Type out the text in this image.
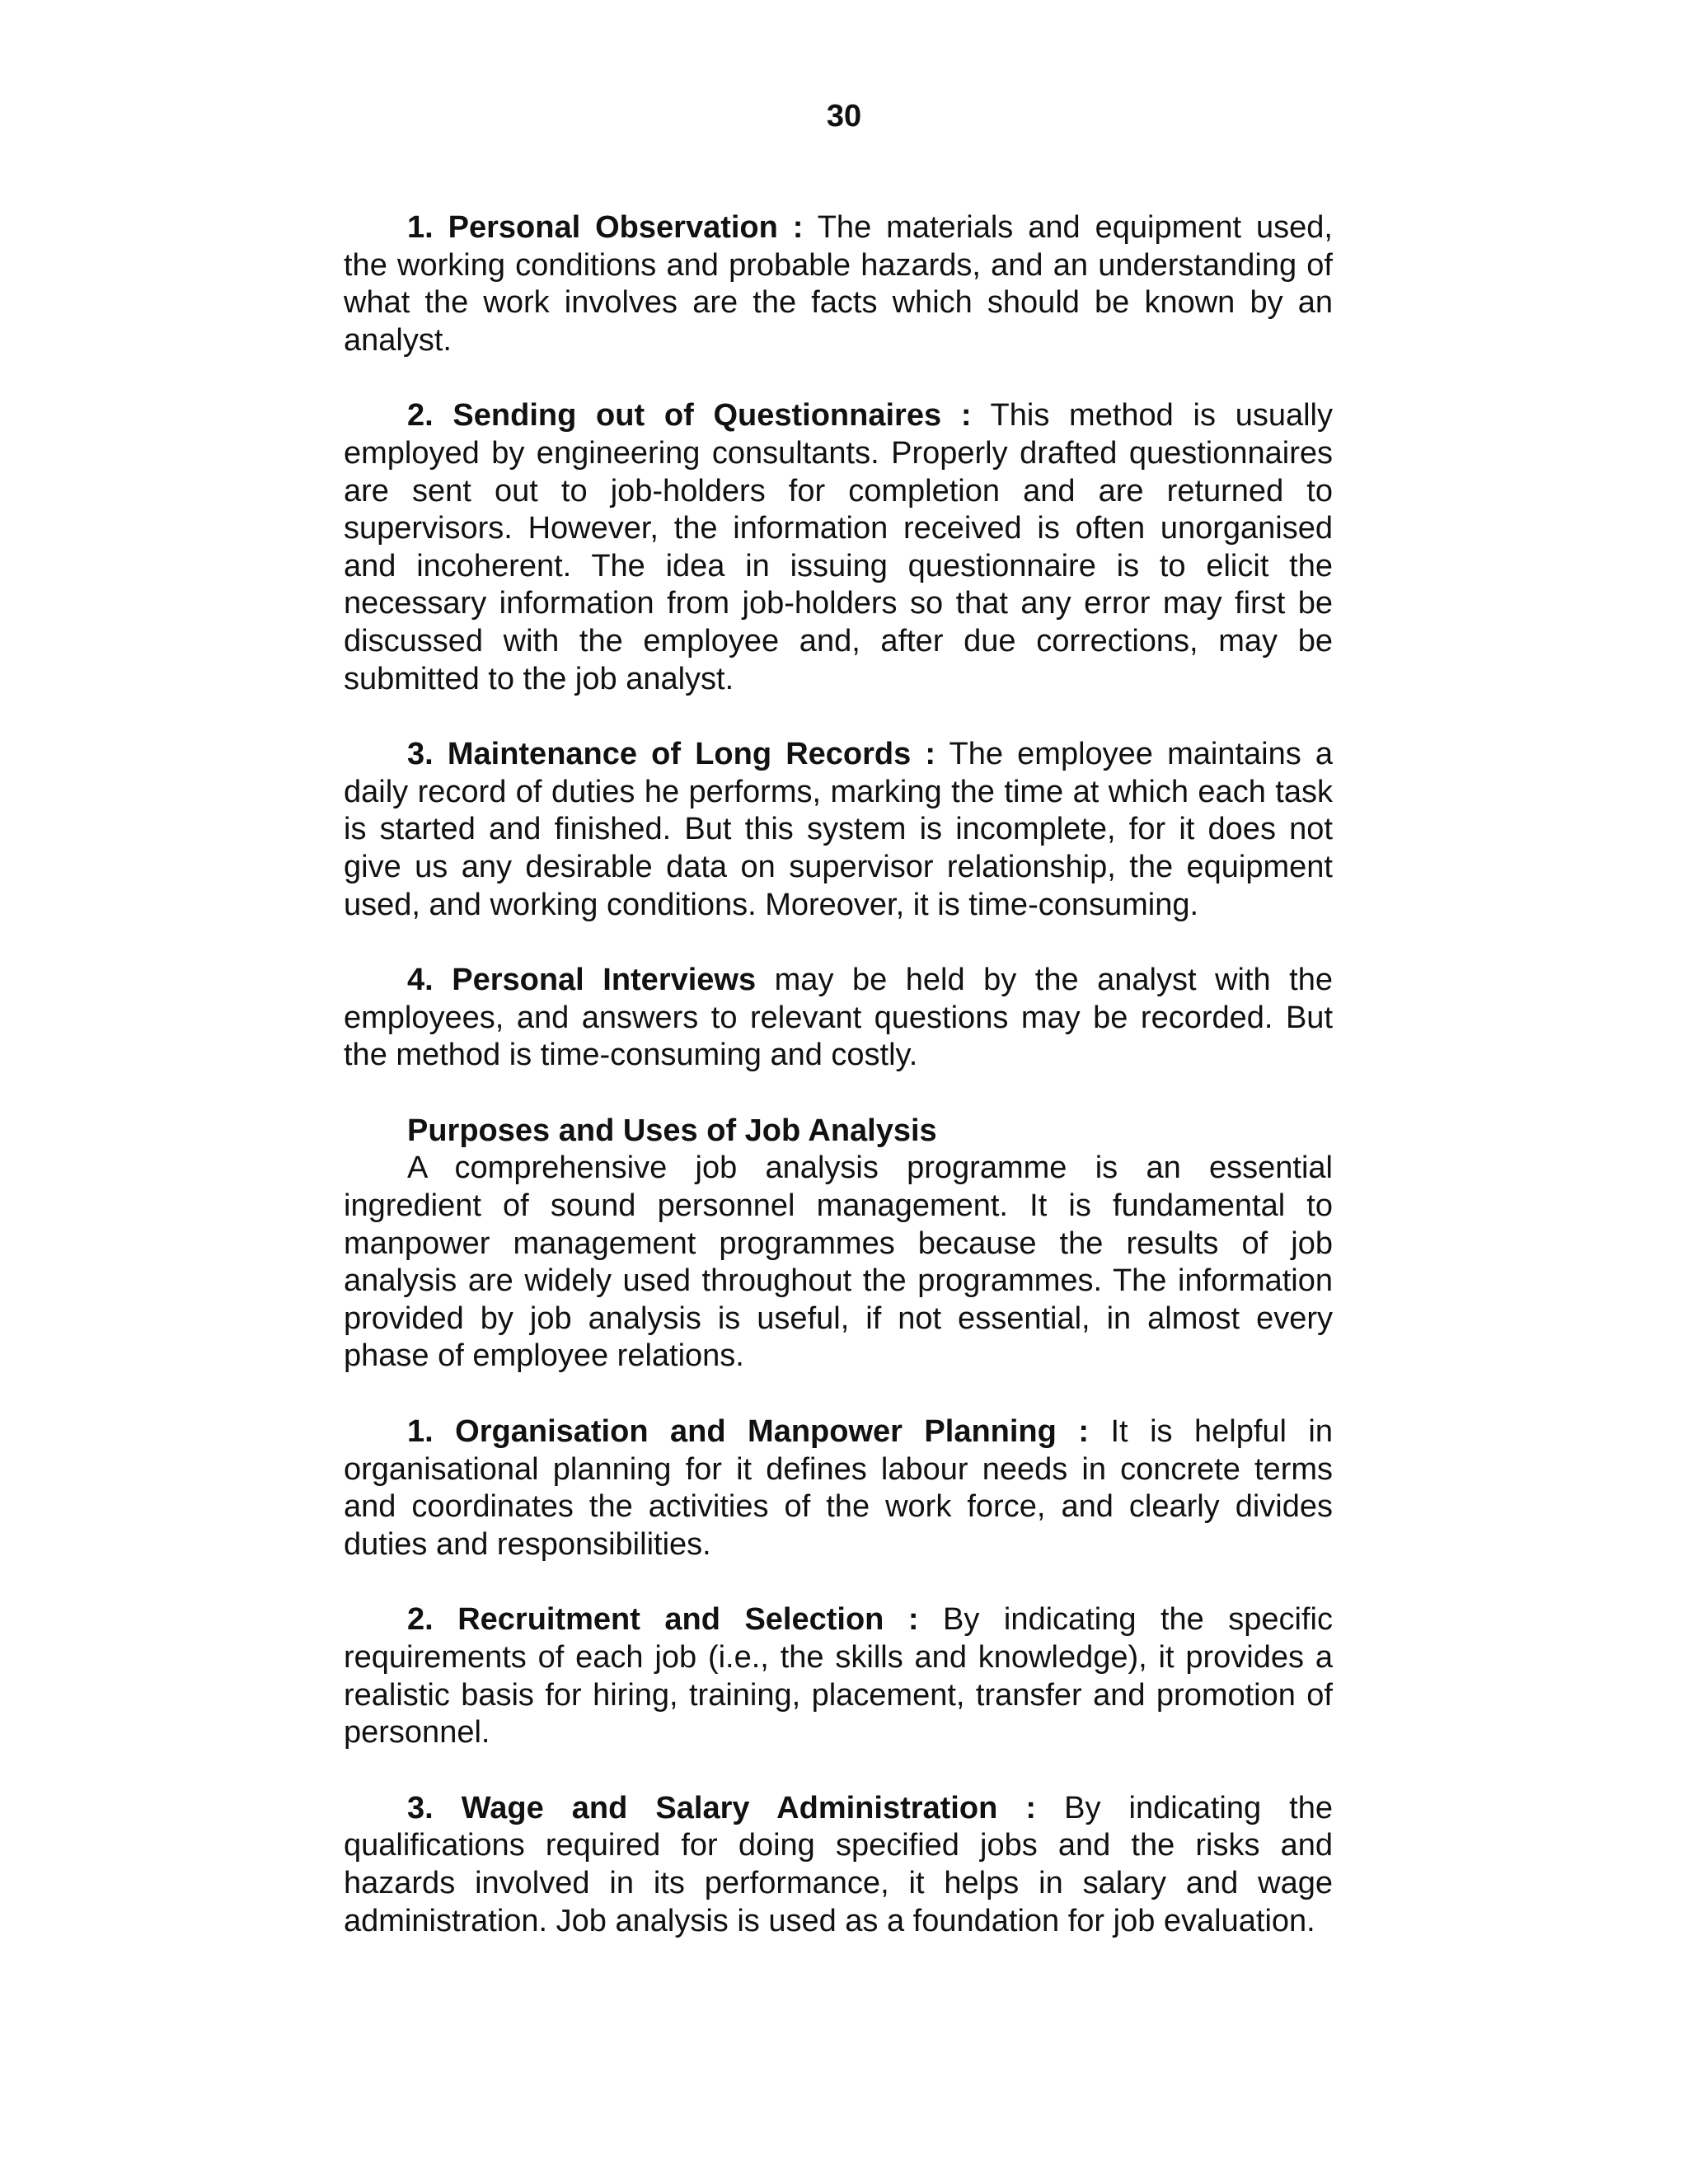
30

1. Personal Observation : The materials and equipment used, the working conditions and probable hazards, and an understanding of what the work involves are the facts which should be known by an analyst.

2. Sending out of Questionnaires : This method is usually employed by engineering consultants. Properly drafted questionnaires are sent out to job-holders for completion and are returned to supervisors. However, the information received is often unorganised and incoherent. The idea in issuing questionnaire is to elicit the necessary information from job-holders so that any error may first be discussed with the employee and, after due corrections, may be submitted to the job analyst.

3. Maintenance of Long Records : The employee maintains a daily record of duties he performs, marking the time at which each task is started and finished. But this system is incomplete, for it does not give us any desirable data on supervisor relationship, the equipment used, and working conditions. Moreover, it is time-consuming.

4. Personal Interviews may be held by the analyst with the employees, and answers to relevant questions may be recorded. But the method is time-consuming and costly.

Purposes and Uses of Job Analysis

A comprehensive job analysis programme is an essential ingredient of sound personnel management. It is fundamental to manpower management programmes because the results of job analysis are widely used throughout the programmes. The information provided by job analysis is useful, if not essential, in almost every phase of employee relations.

1. Organisation and Manpower Planning : It is helpful in organisational planning for it defines labour needs in concrete terms and coordinates the activities of the work force, and clearly divides duties and responsibilities.

2. Recruitment and Selection : By indicating the specific requirements of each job (i.e., the skills and knowledge), it provides a realistic basis for hiring, training, placement, transfer and promotion of personnel.

3. Wage and Salary Administration : By indicating the qualifications required for doing specified jobs and the risks and hazards involved in its performance, it helps in salary and wage administration. Job analysis is used as a foundation for job evaluation.
